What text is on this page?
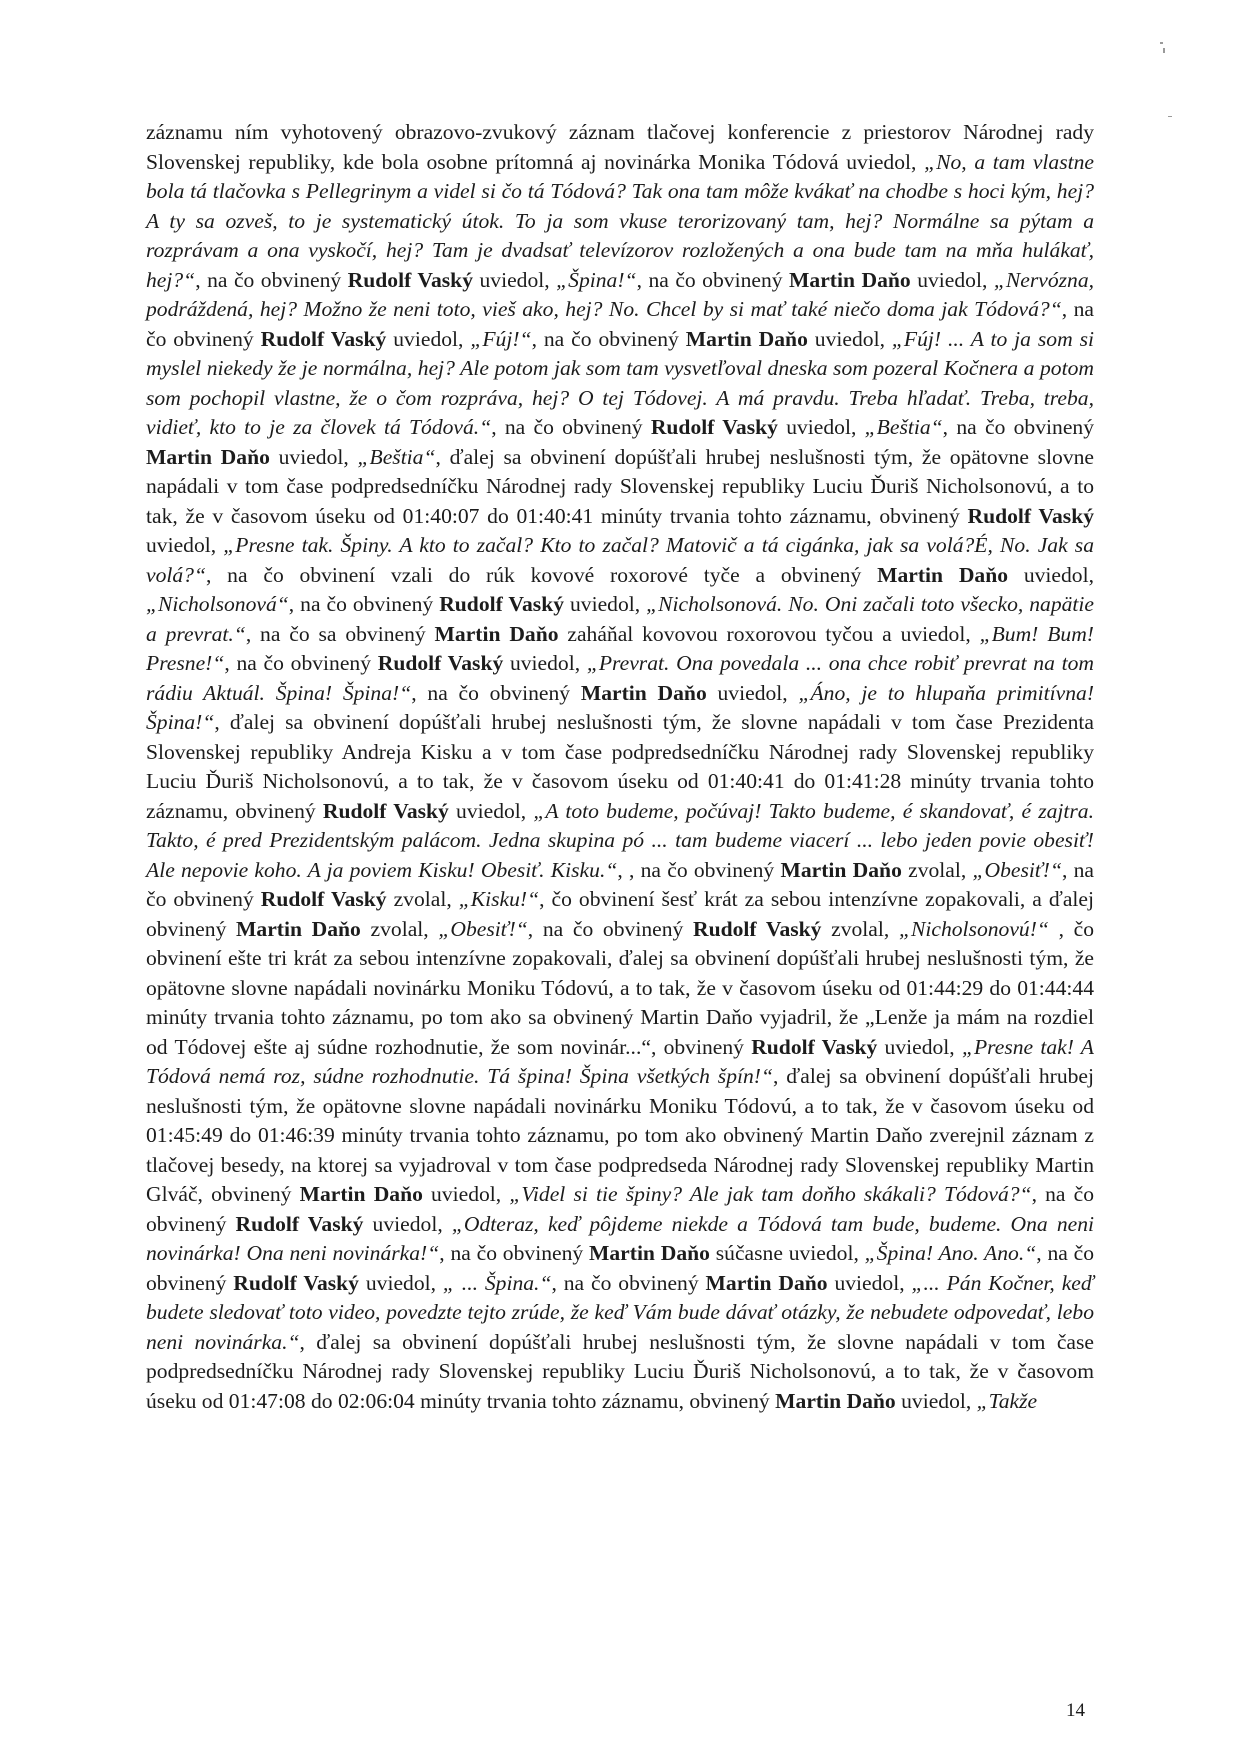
záznamu ním vyhotovený obrazovo-zvukový záznam tlačovej konferencie z priestorov Národnej rady Slovenskej republiky, kde bola osobne prítomná aj novinárka Monika Tódová uviedol, „No, a tam vlastne bola tá tlačovka s Pellegrinym a videl si čo tá Tódová? Tak ona tam môže kvákať na chodbe s hoci kým, hej? A ty sa ozveš, to je systematický útok. To ja som vkuse terorizovaný tam, hej? Normálne sa pýtam a rozprávam a ona vyskočí, hej? Tam je dvadsať televízorov rozložených a ona bude tam na mňa hulákať, hej?“, na čo obvinený Rudolf Vaský uviedol, „Špina!“, na čo obvinený Martin Daňo uviedol, „Nervózna, podráždená, hej? Možno že neni toto, vieš ako, hej? No. Chcel by si mať také niečo doma jak Tódová?“, na čo obvinený Rudolf Vaský uviedol, „Fúj!“, na čo obvinený Martin Daňo uviedol, „Fúj! ... A to ja som si myslel niekedy že je normálna, hej? Ale potom jak som tam vysvetľoval dneska som pozeral Kočnera a potom som pochopil vlastne, že o čom rozpráva, hej? O tej Tódovej. A má pravdu. Treba hľadať. Treba, treba, vidieť, kto to je za človek tá Tódová.“, na čo obvinený Rudolf Vaský uviedol, „Beštia“, na čo obvinený Martin Daňo uviedol, „Beštia“, ďalej sa obvinení dopúšťali hrubej neslušnosti tým, že opätovne slovne napádali v tom čase podpredsedníčku Národnej rady Slovenskej republiky Luciu Ďuriš Nicholsonovú, a to tak, že v časovom úseku od 01:40:07 do 01:40:41 minúty trvania tohto záznamu, obvinený Rudolf Vaský uviedol, „Presne tak. Špiny. A kto to začal? Kto to začal? Matovič a tá cigánka, jak sa volá?É, No. Jak sa volá?“, na čo obvinení vzali do rúk kovové roxorové tyče a obvinený Martin Daňo uviedol, „Nicholsonová“, na čo obvinený Rudolf Vaský uviedol, „Nicholsonová. No. Oni začali toto všecko, napätie a prevrat.“, na čo sa obvinený Martin Daňo zaháňal kovovou roxorovou tyčou a uviedol, „Bum! Bum! Presne!“, na čo obvinený Rudolf Vaský uviedol, „Prevrat. Ona povedala ... ona chce robiť prevrat na tom rádiu Aktuál. Špina! Špina!“, na čo obvinený Martin Daňo uviedol, „Áno, je to hlupaňa primitívna! Špina!“, ďalej sa obvinení dopúšťali hrubej neslušnosti tým, že slovne napádali v tom čase Prezidenta Slovenskej republiky Andreja Kisku a v tom čase podpredsedníčku Národnej rady Slovenskej republiky Luciu Ďuriš Nicholsonovú, a to tak, že v časovom úseku od 01:40:41 do 01:41:28 minúty trvania tohto záznamu, obvinený Rudolf Vaský uviedol, „A toto budeme, počúvaj! Takto budeme, é skandovať, é zajtra. Takto, é pred Prezidentským palácom. Jedna skupina pó ... tam budeme viacerí ... lebo jeden povie obesiť! Ale nepovie koho. A ja poviem Kisku! Obesiť. Kisku.“, , na čo obvinený Martin Daňo zvolal, „Obesiť!“, na čo obvinený Rudolf Vaský zvolal, „Kisku!“, čo obvinení šesť krát za sebou intenzívne zopakovali, a ďalej obvinený Martin Daňo zvolal, „Obesiť!“, na čo obvinený Rudolf Vaský zvolal, „Nicholsonovú!“ , čo obvinení ešte tri krát za sebou intenzívne zopakovali, ďalej sa obvinení dopúšťali hrubej neslušnosti tým, že opätovne slovne napádali novinárku Moniku Tódovú, a to tak, že v časovom úseku od 01:44:29 do 01:44:44 minúty trvania tohto záznamu, po tom ako sa obvinený Martin Daňo vyjadril, že „Lenže ja mám na rozdiel od Tódovej ešte aj súdne rozhodnutie, že som novinár...“, obvinený Rudolf Vaský uviedol, „Presne tak! A Tódová nemá roz, súdne rozhodnutie. Tá špina! Špina všetkých špín!“, ďalej sa obvinení dopúšťali hrubej neslušnosti tým, že opätovne slovne napádali novinárku Moniku Tódovú, a to tak, že v časovom úseku od 01:45:49 do 01:46:39 minúty trvania tohto záznamu, po tom ako obvinený Martin Daňo zverejnil záznam z tlačovej besedy, na ktorej sa vyjadroval v tom čase podpredseda Národnej rady Slovenskej republiky Martin Glváč, obvinený Martin Daňo uviedol, „Videl si tie špiny? Ale jak tam doňho skákali? Tódová?“, na čo obvinený Rudolf Vaský uviedol, „Odteraz, keď pôjdeme niekde a Tódová tam bude, budeme. Ona neni novinárka! Ona neni novinárka!“, na čo obvinený Martin Daňo súčasne uviedol, „Špina! Ano. Ano.“, na čo obvinený Rudolf Vaský uviedol, „ ... Špina.“, na čo obvinený Martin Daňo uviedol, „... Pán Kočner, keď budete sledovať toto video, povedzte tejto zrúde, že keď Vám bude dávať otázky, že nebudete odpovedať, lebo neni novinárka.“, ďalej sa obvinení dopúšťali hrubej neslušnosti tým, že slovne napádali v tom čase podpredsedníčku Národnej rady Slovenskej republiky Luciu Ďuriš Nicholsonovú, a to tak, že v časovom úseku od 01:47:08 do 02:06:04 minúty trvania tohto záznamu, obvinený Martin Daňo uviedol, „Takže

14
